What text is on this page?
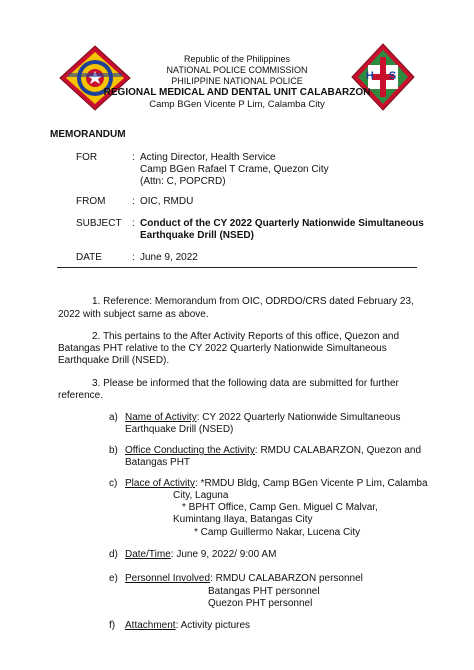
H S
Republic of the Philippines
NATIONAL POLICE COMMISSION
PHILIPPINE NATIONAL POLICE
REGIONAL MEDICAL AND DENTAL UNIT CALABARZON
Camp BGen Vicente P Lim, Calamba City
MEMORANDUM
FOR	: Acting Director, Health Service
Camp BGen Rafael T Crame, Quezon City
(Attn: C, POPCRD)
FROM	: OIC, RMDU
SUBJECT : Conduct of the CY 2022 Quarterly Nationwide Simultaneous
Earthquake Drill (NSED)
DATE	: June 9, 2022
1. Reference: Memorandum from OIC, ODRDO/CRS dated February 23,
2022 with subject same as above.
2. This pertains to the After Activity Reports of this office, Quezon and
Batangas PHT relative to the CY 2022 Quarterly Nationwide Simultaneous
Earthquake Drill (NSED).
3. Please be informed that the following data are submitted for further
reference.
a) Name of Activity: CY 2022 Quarterly Nationwide Simultaneous
Earthquake Drill (NSED)
b) Office Conducting the Activity: RMDU CALABARZON, Quezon and
Batangas PHT
c) Place of Activity: *RMDU Bldg, Camp BGen Vicente P Lim, Calamba
City, Laguna
* BPHT Office, Camp Gen. Miguel C Malvar,
Kumintang Ilaya, Batangas City
* Camp Guillermo Nakar, Lucena City
d) Date/Time: June 9, 2022/ 9:00 AM
e) Personnel Involved: RMDU CALABARZON personnel
Batangas PHT personnel
Quezon PHT personnel
f) Attachment: Activity pictures
